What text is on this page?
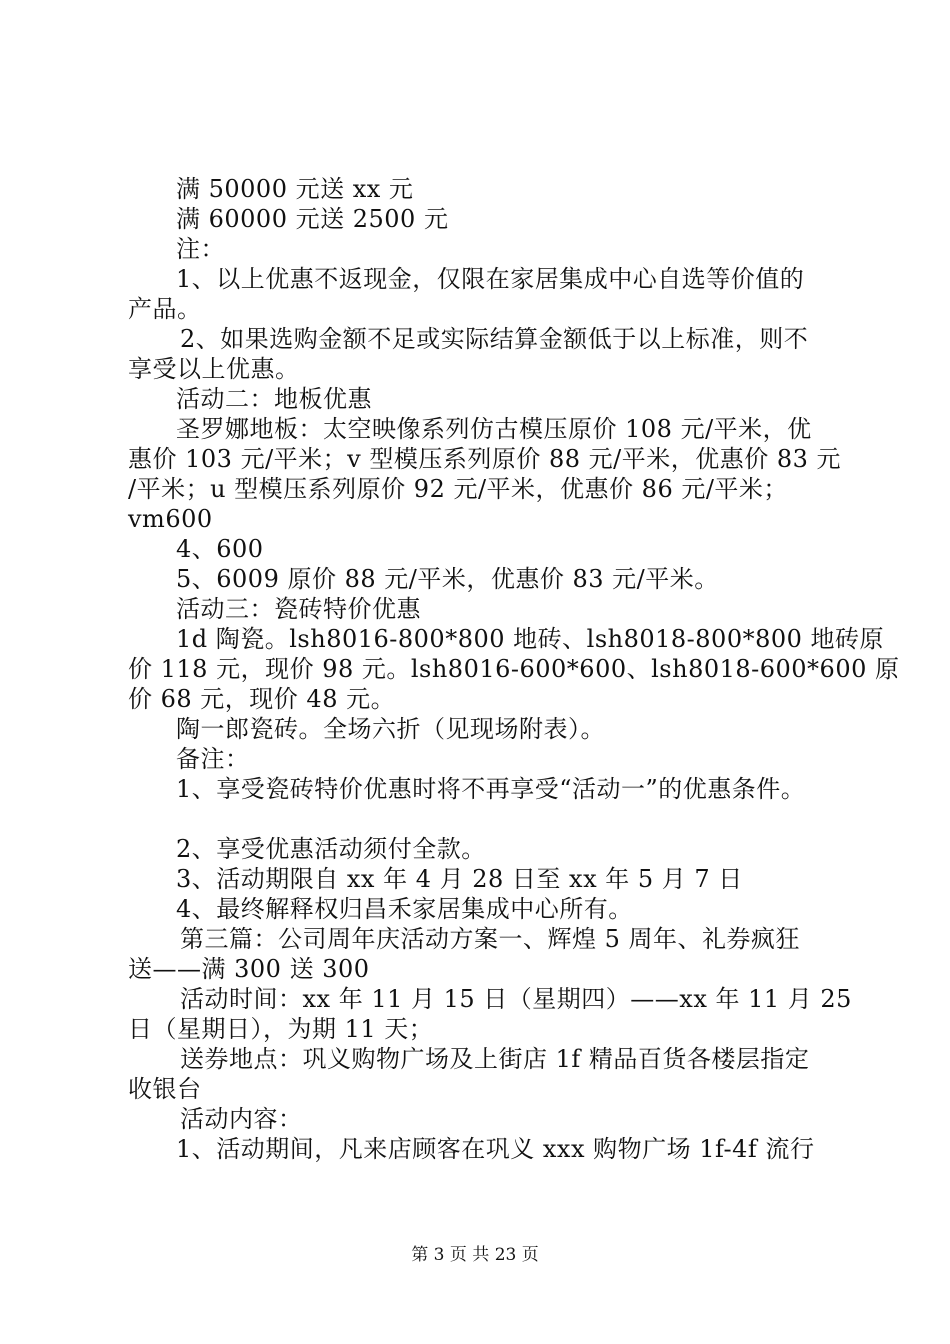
满 50000 元送 xx 元
满 60000 元送 2500 元
注：
1、以上优惠不返现金，仅限在家居集成中心自选等价值的
产品。
2、如果选购金额不足或实际结算金额低于以上标准，则不
享受以上优惠。
活动二：地板优惠
圣罗娜地板：太空映像系列仿古模压原价 108 元/平米，优
惠价 103 元/平米；v 型模压系列原价 88 元/平米，优惠价 83 元
/平米；u 型模压系列原价 92 元/平米，优惠价 86 元/平米；
vm600
4、600
5、6009 原价 88 元/平米，优惠价 83 元/平米。
活动三：瓷砖特价优惠
1d 陶瓷。lsh8016-800*800 地砖、lsh8018-800*800 地砖原
价 118 元，现价 98 元。lsh8016-600*600、lsh8018-600*600 原
价 68 元，现价 48 元。
陶一郎瓷砖。全场六折（见现场附表）。
备注：
1、享受瓷砖特价优惠时将不再享受“活动一”的优惠条件。
2、享受优惠活动须付全款。
3、活动期限自 xx 年 4 月 28 日至 xx 年 5 月 7 日
4、最终解释权归昌禾家居集成中心所有。
第三篇：公司周年庆活动方案一、辉煌 5 周年、礼券疯狂
送——满 300 送 300
活动时间：xx 年 11 月 15 日（星期四）——xx 年 11 月 25
日（星期日），为期 11 天；
送券地点：巩义购物广场及上街店 1f 精品百货各楼层指定
收银台
活动内容：
1、活动期间，凡来店顾客在巩义 xxx 购物广场 1f-4f 流行
第 3 页 共 23 页
